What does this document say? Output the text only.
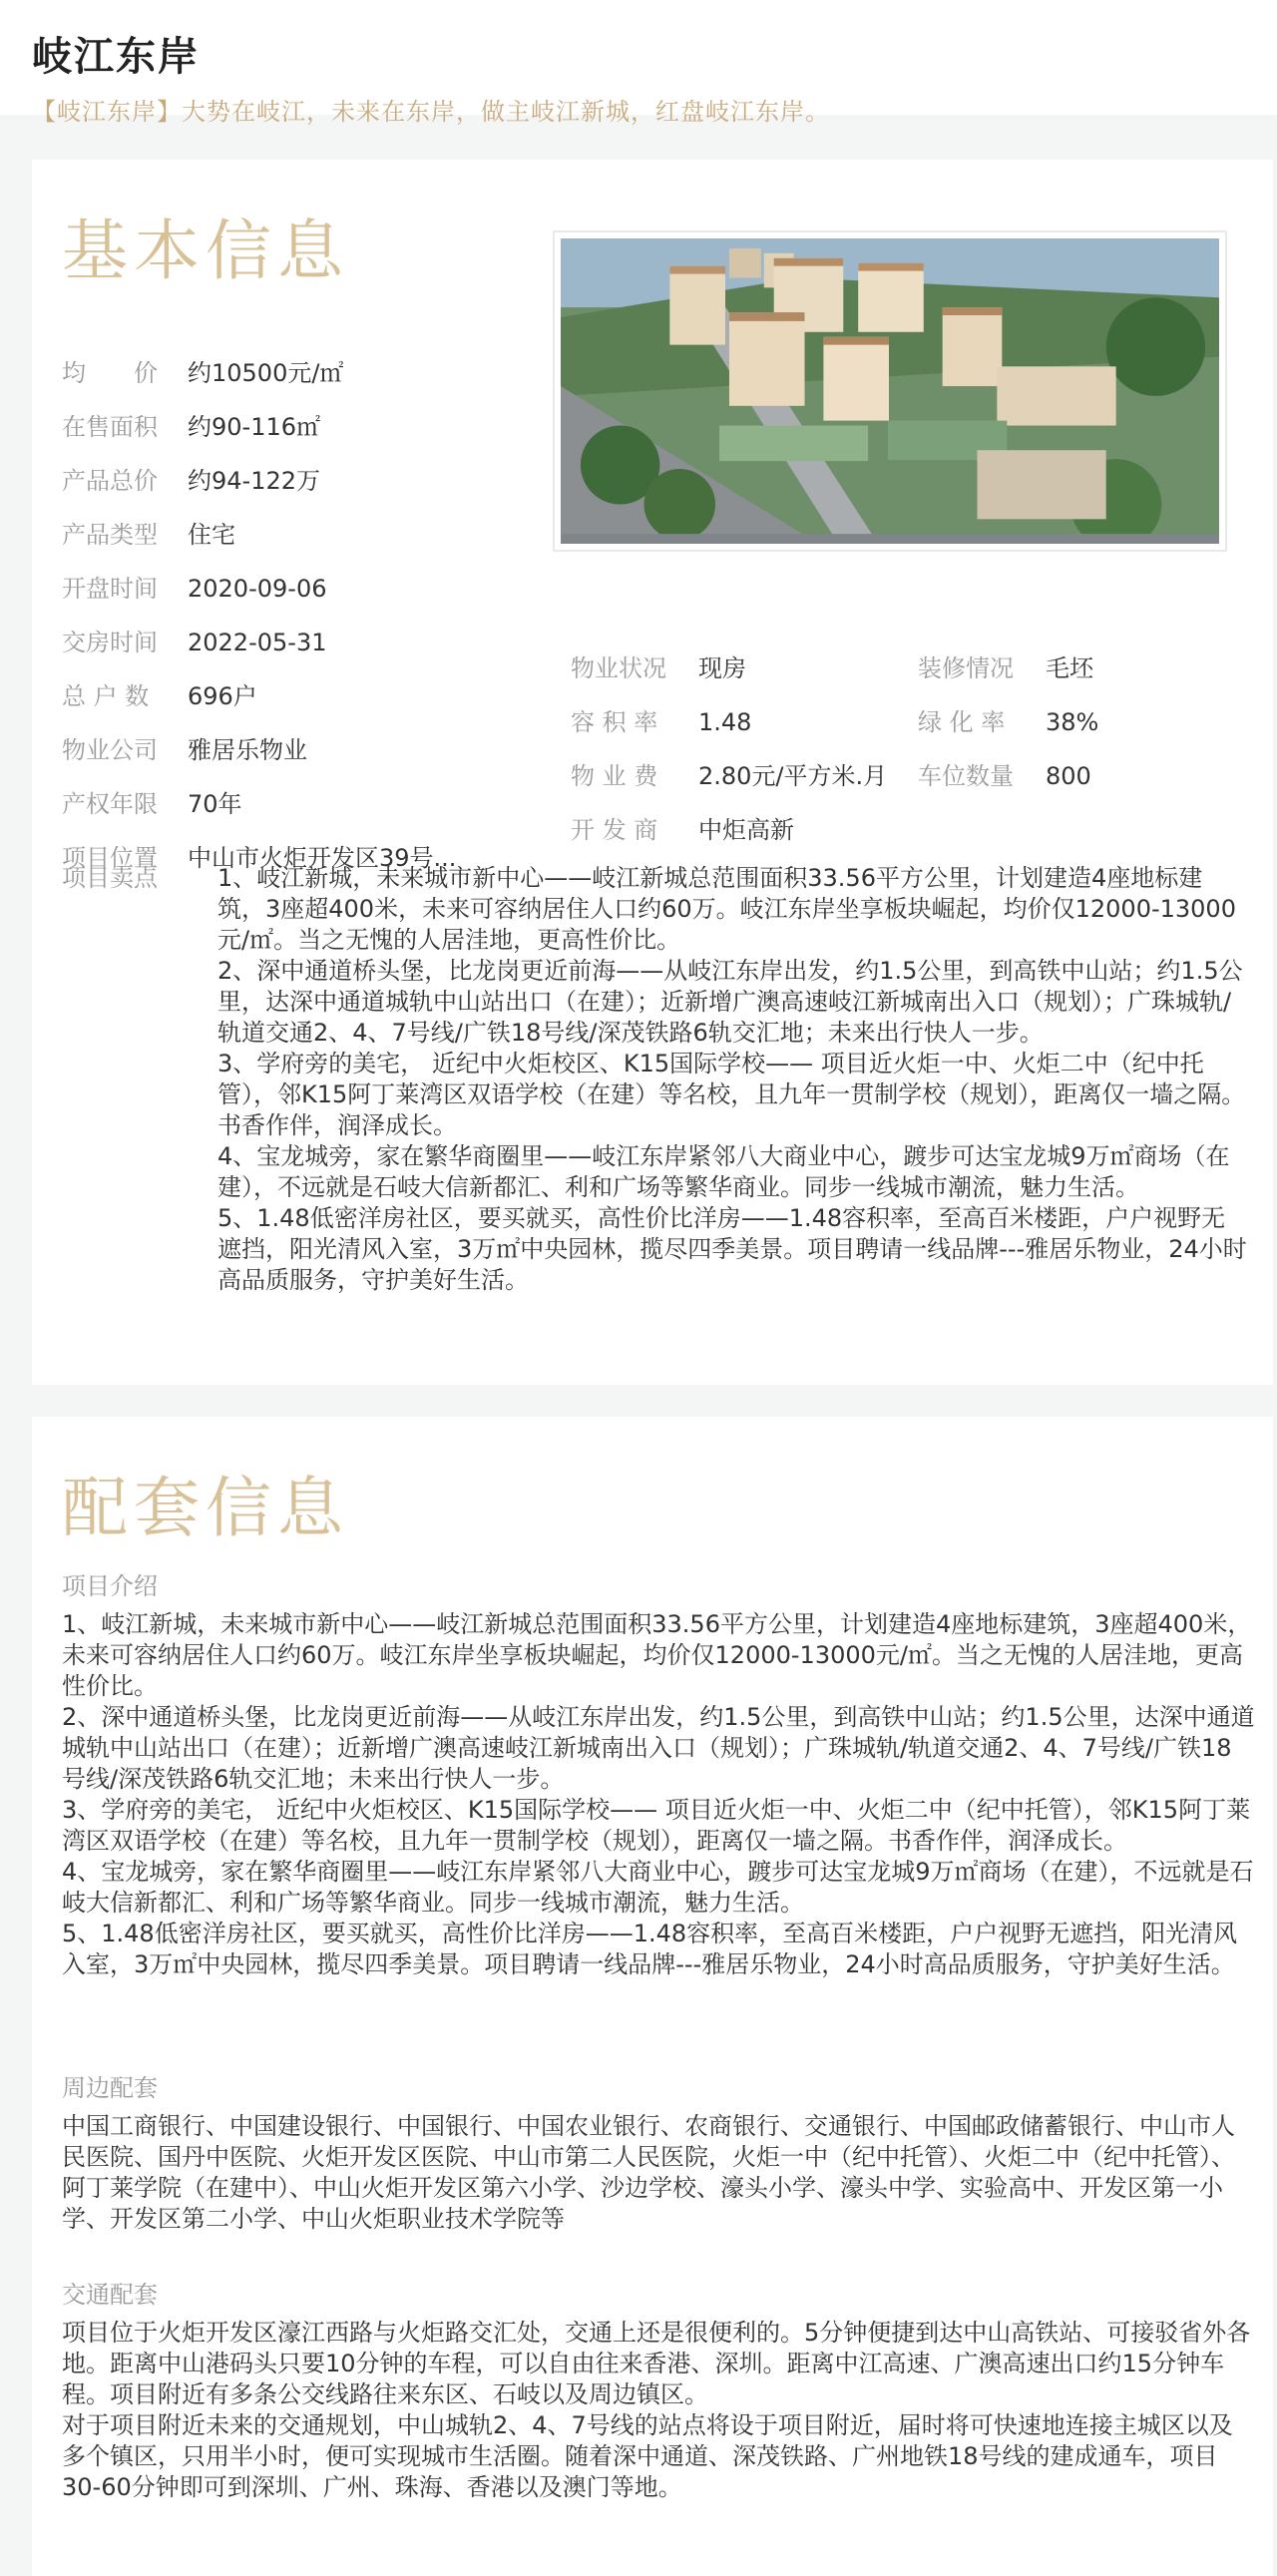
岐江东岸
【岐江东岸】大势在岐江，未来在东岸，做主岐江新城，红盘岐江东岸。
基本信息
均　　价 约10500元/㎡
在售面积 约90-116㎡
产品总价 约94-122万
产品类型 住宅
开盘时间 2020-09-06
交房时间 2022-05-31
总 户 数 696户
物业公司 雅居乐物业
产权年限 70年
项目位置 中山市火炬开发区39号...
物业状况 现房
容 积 率 1.48
物 业 费 2.80元/平方米.月
开 发 商 中炬高新
装修情况 毛坯
绿 化 率 38%
车位数量 800
项目卖点	1、岐江新城，未来城市新中心——岐江新城总范围面积33.56平方公里，计划建造4座地标建筑，3座超400米，未来可容纳居住人口约60万。岐江东岸坐享板块崛起，均价仅12000-13000元/㎡。当之无愧的人居洼地，更高性价比。
2、深中通道桥头堡，比龙岗更近前海——从岐江东岸出发，约1.5公里，到高铁中山站；约1.5公里，达深中通道城轨中山站出口（在建）；近新增广澳高速岐江新城南出入口（规划）；广珠城轨/轨道交通2、4、7号线/广铁18号线/深茂铁路6轨交汇地；未来出行快人一步。
3、学府旁的美宅， 近纪中火炬校区、K15国际学校—— 项目近火炬一中、火炬二中（纪中托管），邻K15阿丁莱湾区双语学校（在建）等名校，且九年一贯制学校（规划），距离仅一墙之隔。书香作伴，润泽成长。
4、宝龙城旁，家在繁华商圈里——岐江东岸紧邻八大商业中心，踱步可达宝龙城9万㎡商场（在建），不远就是石岐大信新都汇、利和广场等繁华商业。同步一线城市潮流，魅力生活。
5、1.48低密洋房社区，要买就买，高性价比洋房——1.48容积率，至高百米楼距，户户视野无遮挡，阳光清风入室，3万㎡中央园林，揽尽四季美景。项目聘请一线品牌---雅居乐物业，24小时高品质服务，守护美好生活。
配套信息
项目介绍
1、岐江新城，未来城市新中心——岐江新城总范围面积33.56平方公里，计划建造4座地标建筑，3座超400米，未来可容纳居住人口约60万。岐江东岸坐享板块崛起，均价仅12000-13000元/㎡。当之无愧的人居洼地，更高性价比。
2、深中通道桥头堡，比龙岗更近前海——从岐江东岸出发，约1.5公里，到高铁中山站；约1.5公里，达深中通道城轨中山站出口（在建）；近新增广澳高速岐江新城南出入口（规划）；广珠城轨/轨道交通2、4、7号线/广铁18号线/深茂铁路6轨交汇地；未来出行快人一步。
3、学府旁的美宅， 近纪中火炬校区、K15国际学校—— 项目近火炬一中、火炬二中（纪中托管），邻K15阿丁莱湾区双语学校（在建）等名校，且九年一贯制学校（规划），距离仅一墙之隔。书香作伴，润泽成长。
4、宝龙城旁，家在繁华商圈里——岐江东岸紧邻八大商业中心，踱步可达宝龙城9万㎡商场（在建），不远就是石岐大信新都汇、利和广场等繁华商业。同步一线城市潮流，魅力生活。
5、1.48低密洋房社区，要买就买，高性价比洋房——1.48容积率，至高百米楼距，户户视野无遮挡，阳光清风入室，3万㎡中央园林，揽尽四季美景。项目聘请一线品牌---雅居乐物业，24小时高品质服务，守护美好生活。
周边配套
中国工商银行、中国建设银行、中国银行、中国农业银行、农商银行、交通银行、中国邮政储蓄银行、中山市人民医院、国丹中医院、火炬开发区医院、中山市第二人民医院，火炬一中（纪中托管）、火炬二中（纪中托管）、阿丁莱学院（在建中）、中山火炬开发区第六小学、沙边学校、濠头小学、濠头中学、实验高中、开发区第一小学、开发区第二小学、中山火炬职业技术学院等
交通配套
项目位于火炬开发区濠江西路与火炬路交汇处，交通上还是很便利的。5分钟便捷到达中山高铁站、可接驳省外各地。距离中山港码头只要10分钟的车程，可以自由往来香港、深圳。距离中江高速、广澳高速出口约15分钟车程。项目附近有多条公交线路往来东区、石岐以及周边镇区。
对于项目附近未来的交通规划，中山城轨2、4、7号线的站点将设于项目附近，届时将可快速地连接主城区以及多个镇区，只用半小时，便可实现城市生活圈。随着深中通道、深茂铁路、广州地铁18号线的建成通车，项目30-60分钟即可到深圳、广州、珠海、香港以及澳门等地。
